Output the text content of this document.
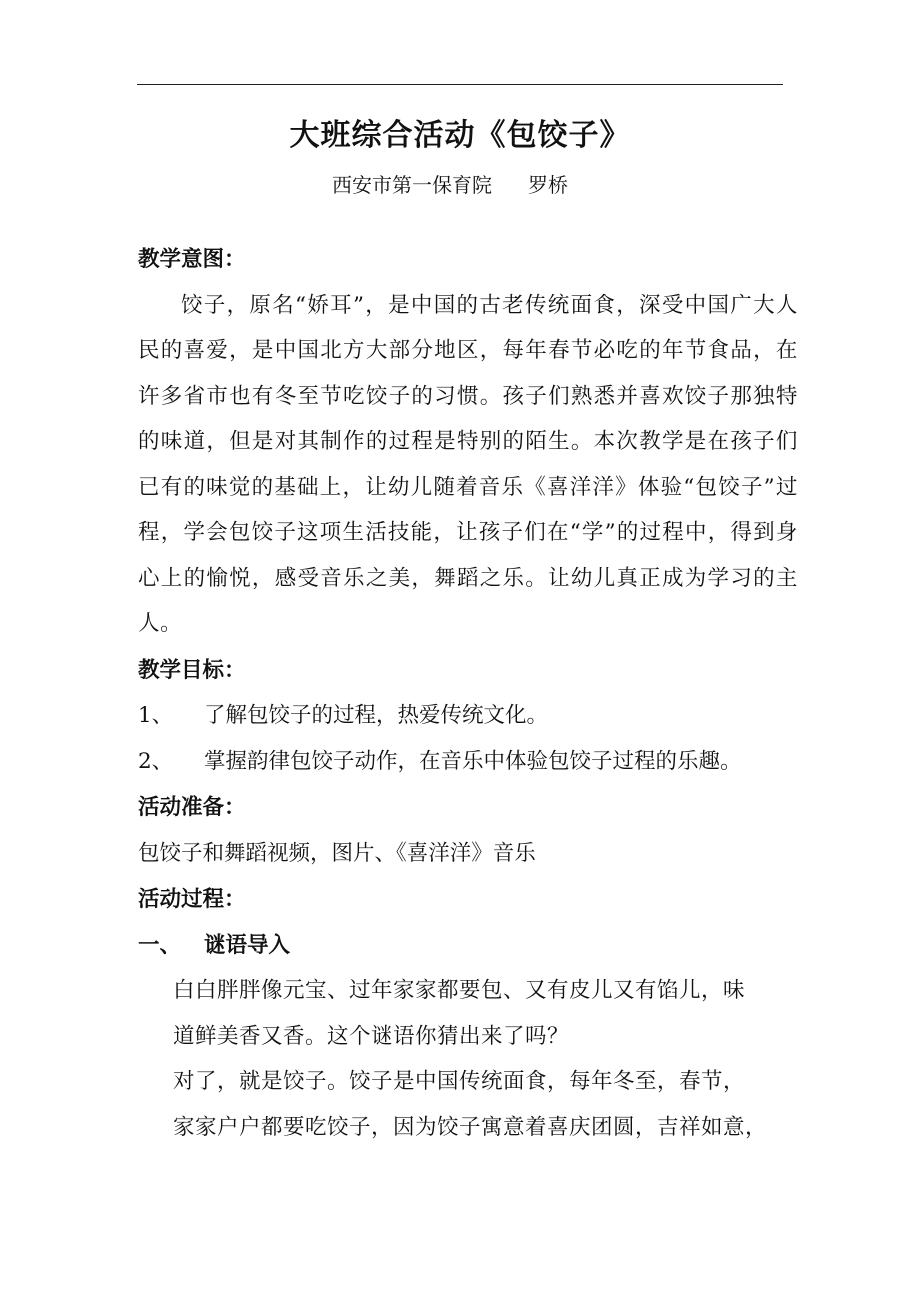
大班综合活动《包饺子》
西安市第一保育院 罗桥

教学意图：

饺子，原名“娇耳”，是中国的古老传统面食，深受中国广大人民的喜爱，是中国北方大部分地区，每年春节必吃的年节食品，在许多省市也有冬至节吃饺子的习惯。孩子们熟悉并喜欢饺子那独特的味道，但是对其制作的过程是特别的陌生。本次教学是在孩子们已有的味觉的基础上，让幼儿随着音乐《喜洋洋》体验“包饺子”过程，学会包饺子这项生活技能，让孩子们在“学”的过程中，得到身心上的愉悦，感受音乐之美，舞蹈之乐。让幼儿真正成为学习的主人。

教学目标：

1、	了解包饺子的过程，热爱传统文化。
2、	掌握韵律包饺子动作，在音乐中体验包饺子过程的乐趣。

活动准备：

包饺子和舞蹈视频，图片、《喜洋洋》音乐

活动过程：

一、	谜语导入

白白胖胖像元宝、过年家家都要包、又有皮儿又有馅儿，味

道鲜美香又香。这个谜语你猜出来了吗？

对了，就是饺子。饺子是中国传统面食，每年冬至，春节，

家家户户都要吃饺子，因为饺子寓意着喜庆团圆，吉祥如意，
